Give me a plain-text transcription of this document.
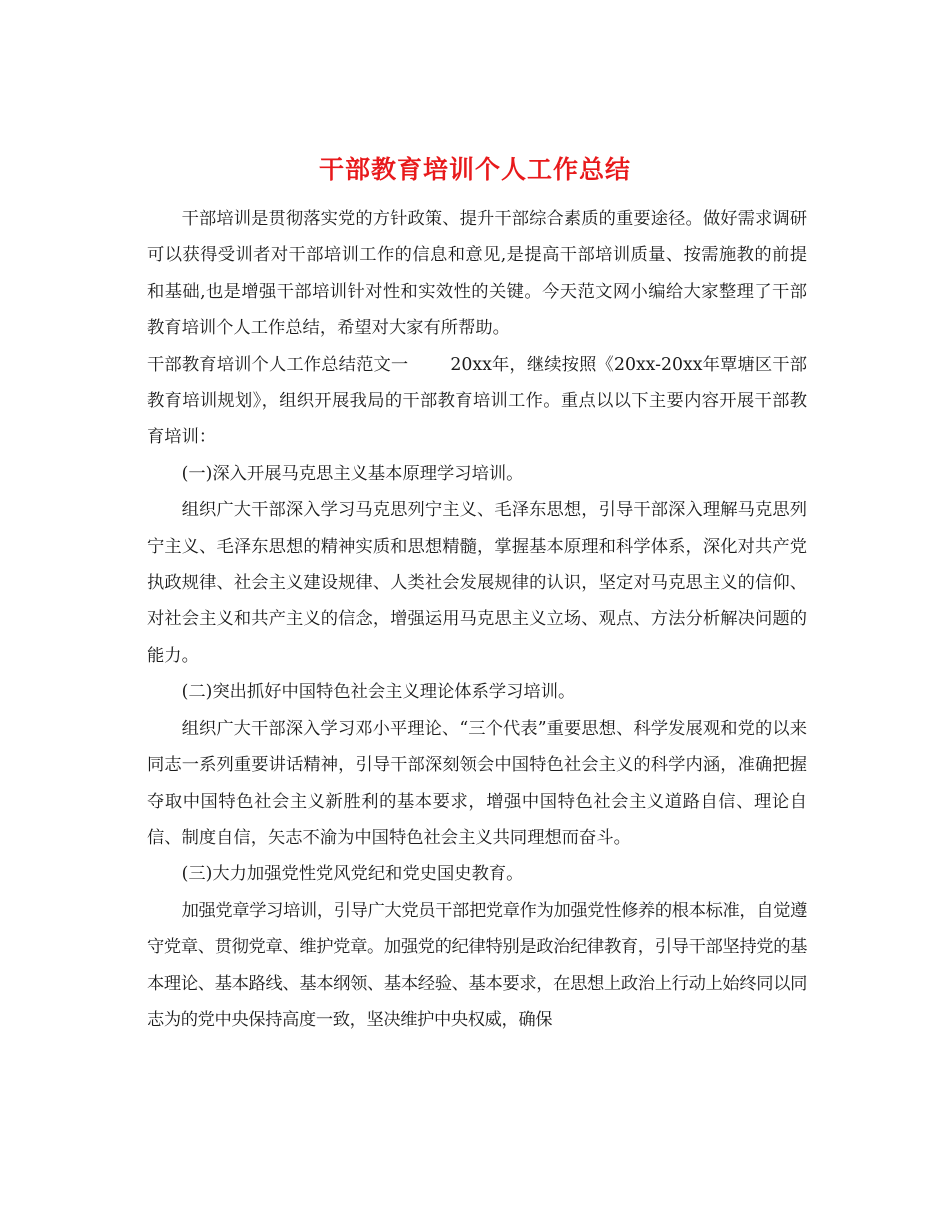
干部教育培训个人工作总结

干部培训是贯彻落实党的方针政策、提升干部综合素质的重要途径。做好需求调研可以获得受训者对干部培训工作的信息和意见,是提高干部培训质量、按需施教的前提和基础,也是增强干部培训针对性和实效性的关键。今天范文网小编给大家整理了干部教育培训个人工作总结，希望对大家有所帮助。

干部教育培训个人工作总结范文一 20xx年，继续按照《20xx-20xx年覃塘区干部教育培训规划》，组织开展我局的干部教育培训工作。重点以以下主要内容开展干部教育培训：

(一)深入开展马克思主义基本原理学习培训。

组织广大干部深入学习马克思列宁主义、毛泽东思想，引导干部深入理解马克思列宁主义、毛泽东思想的精神实质和思想精髓，掌握基本原理和科学体系，深化对共产党执政规律、社会主义建设规律、人类社会发展规律的认识，坚定对马克思主义的信仰、对社会主义和共产主义的信念，增强运用马克思主义立场、观点、方法分析解决问题的能力。

(二)突出抓好中国特色社会主义理论体系学习培训。

组织广大干部深入学习邓小平理论、“三个代表”重要思想、科学发展观和党的以来同志一系列重要讲话精神，引导干部深刻领会中国特色社会主义的科学内涵，准确把握夺取中国特色社会主义新胜利的基本要求，增强中国特色社会主义道路自信、理论自信、制度自信，矢志不渝为中国特色社会主义共同理想而奋斗。

(三)大力加强党性党风党纪和党史国史教育。

加强党章学习培训，引导广大党员干部把党章作为加强党性修养的根本标准，自觉遵守党章、贯彻党章、维护党章。加强党的纪律特别是政治纪律教育，引导干部坚持党的基本理论、基本路线、基本纲领、基本经验、基本要求，在思想上政治上行动上始终同以同志为的党中央保持高度一致，坚决维护中央权威，确保
